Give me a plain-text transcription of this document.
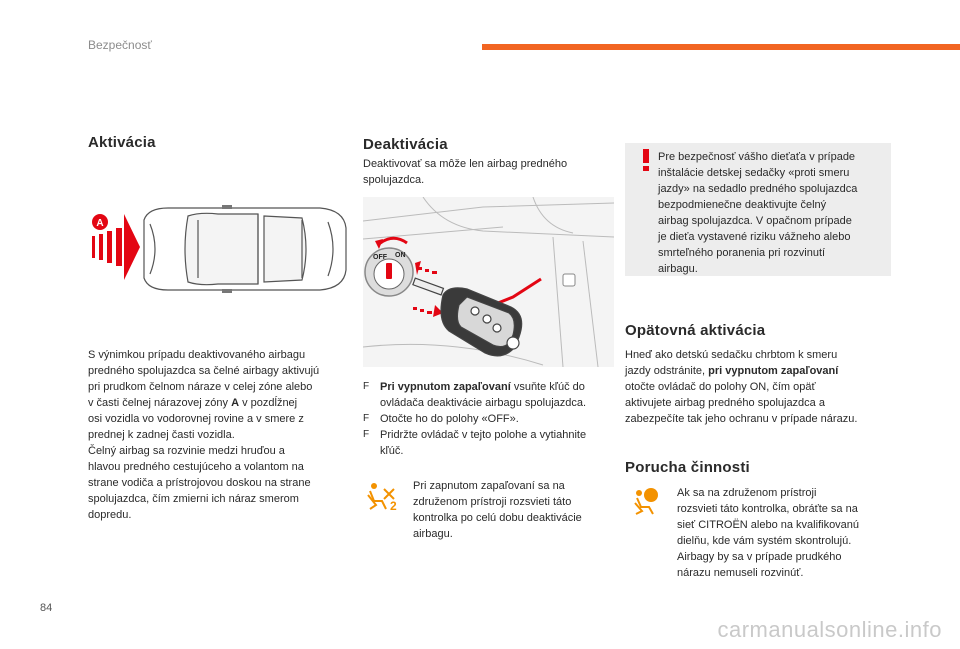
Bezpečnosť
Aktivácia
A
S výnimkou prípadu deaktivovaného airbagu
predného spolujazdca sa čelné airbagy aktivujú
pri prudkom čelnom náraze v celej zóne alebo
v časti čelnej nárazovej zóny A v pozdĺžnej
osi vozidla vo vodorovnej rovine a v smere z
prednej k zadnej časti vozidla.
Čelný airbag sa rozvinie medzi hruďou a
hlavou predného cestujúceho a volantom na
strane vodiča a prístrojovou doskou na strane
spolujazdca, čím zmierni ich náraz smerom
dopredu.
Deaktivácia
Deaktivovať sa môže len airbag predného
spolujazdca.
OFF ON
F Pri vypnutom zapaľovaní vsuňte kľúč do
ovládača deaktivácie airbagu spolujazdca.
F Otočte ho do polohy «OFF».
F Pridržte ovládač v tejto polohe a vytiahnite
kľúč.
2
Pri zapnutom zapaľovaní sa na
združenom prístroji rozsvieti táto
kontrolka po celú dobu deaktivácie
airbagu.
Pre bezpečnosť vášho dieťaťa v prípade
inštalácie detskej sedačky «proti smeru
jazdy» na sedadlo predného spolujazdca
bezpodmienečne deaktivujte čelný
airbag spolujazdca. V opačnom prípade
je dieťa vystavené riziku vážneho alebo
smrteľného poranenia pri rozvinutí
airbagu.
Opätovná aktivácia
Hneď ako detskú sedačku chrbtom k smeru
jazdy odstránite, pri vypnutom zapaľovaní
otočte ovládač do polohy ON, čím opäť
aktivujete airbag predného spolujazdca a
zabezpečíte tak jeho ochranu v prípade nárazu.
Porucha činnosti
Ak sa na združenom prístroji
rozsvieti táto kontrolka, obráťte sa na
sieť CITROËN alebo na kvalifikovanú
dielňu, kde vám systém skontrolujú.
Airbagy by sa v prípade prudkého
nárazu nemuseli rozvinúť.
84
carmanualsonline.info
